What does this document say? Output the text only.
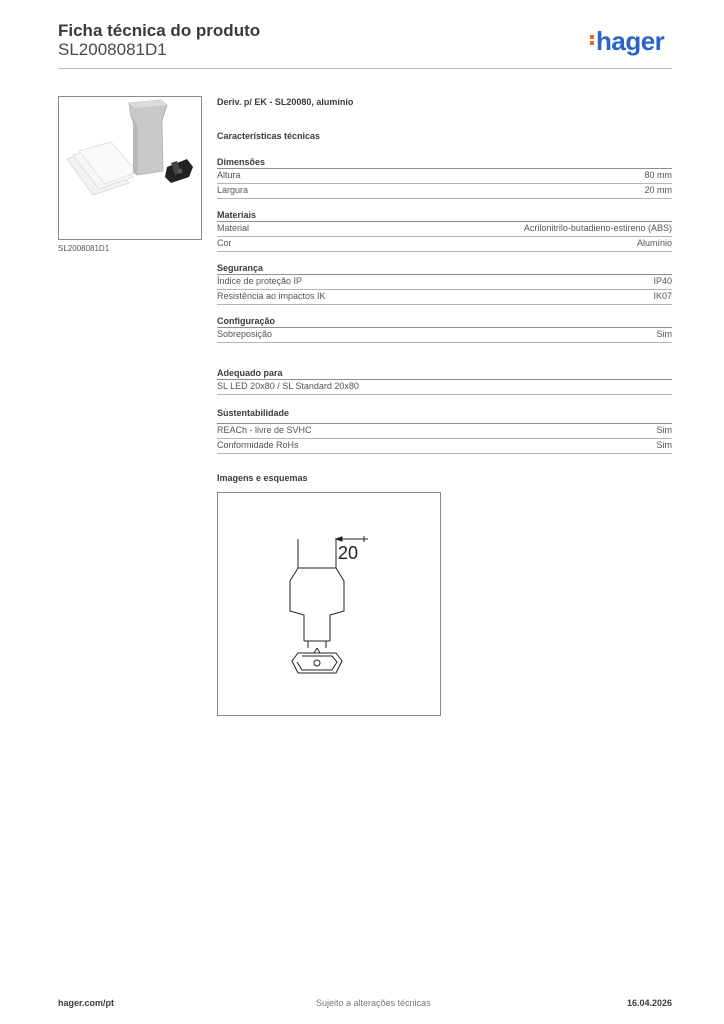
Ficha técnica do produto
SL2008081D1	hager
SL2008081D1
Deriv. p/ EK - SL20080, alumínio
Características técnicas
Dimensões
Altura	80 mm
Largura	20 mm
Materiais
Material	Acrilonitrilo-butadieno-estireno (ABS)
Cor	Alumínio
Segurança
Índice de proteção IP	IP40
Resistência ao impactos IK	IK07
Configuração
Sobreposição	Sim
Adequado para
SL LED 20x80 / SL Standard 20x80
Sustentabilidade
REACh - livre de SVHC	Sim
Conformidade RoHs	Sim
Imagens e esquemas
20
hager.com/pt	Sujeito a alterações técnicas	16.04.2026
